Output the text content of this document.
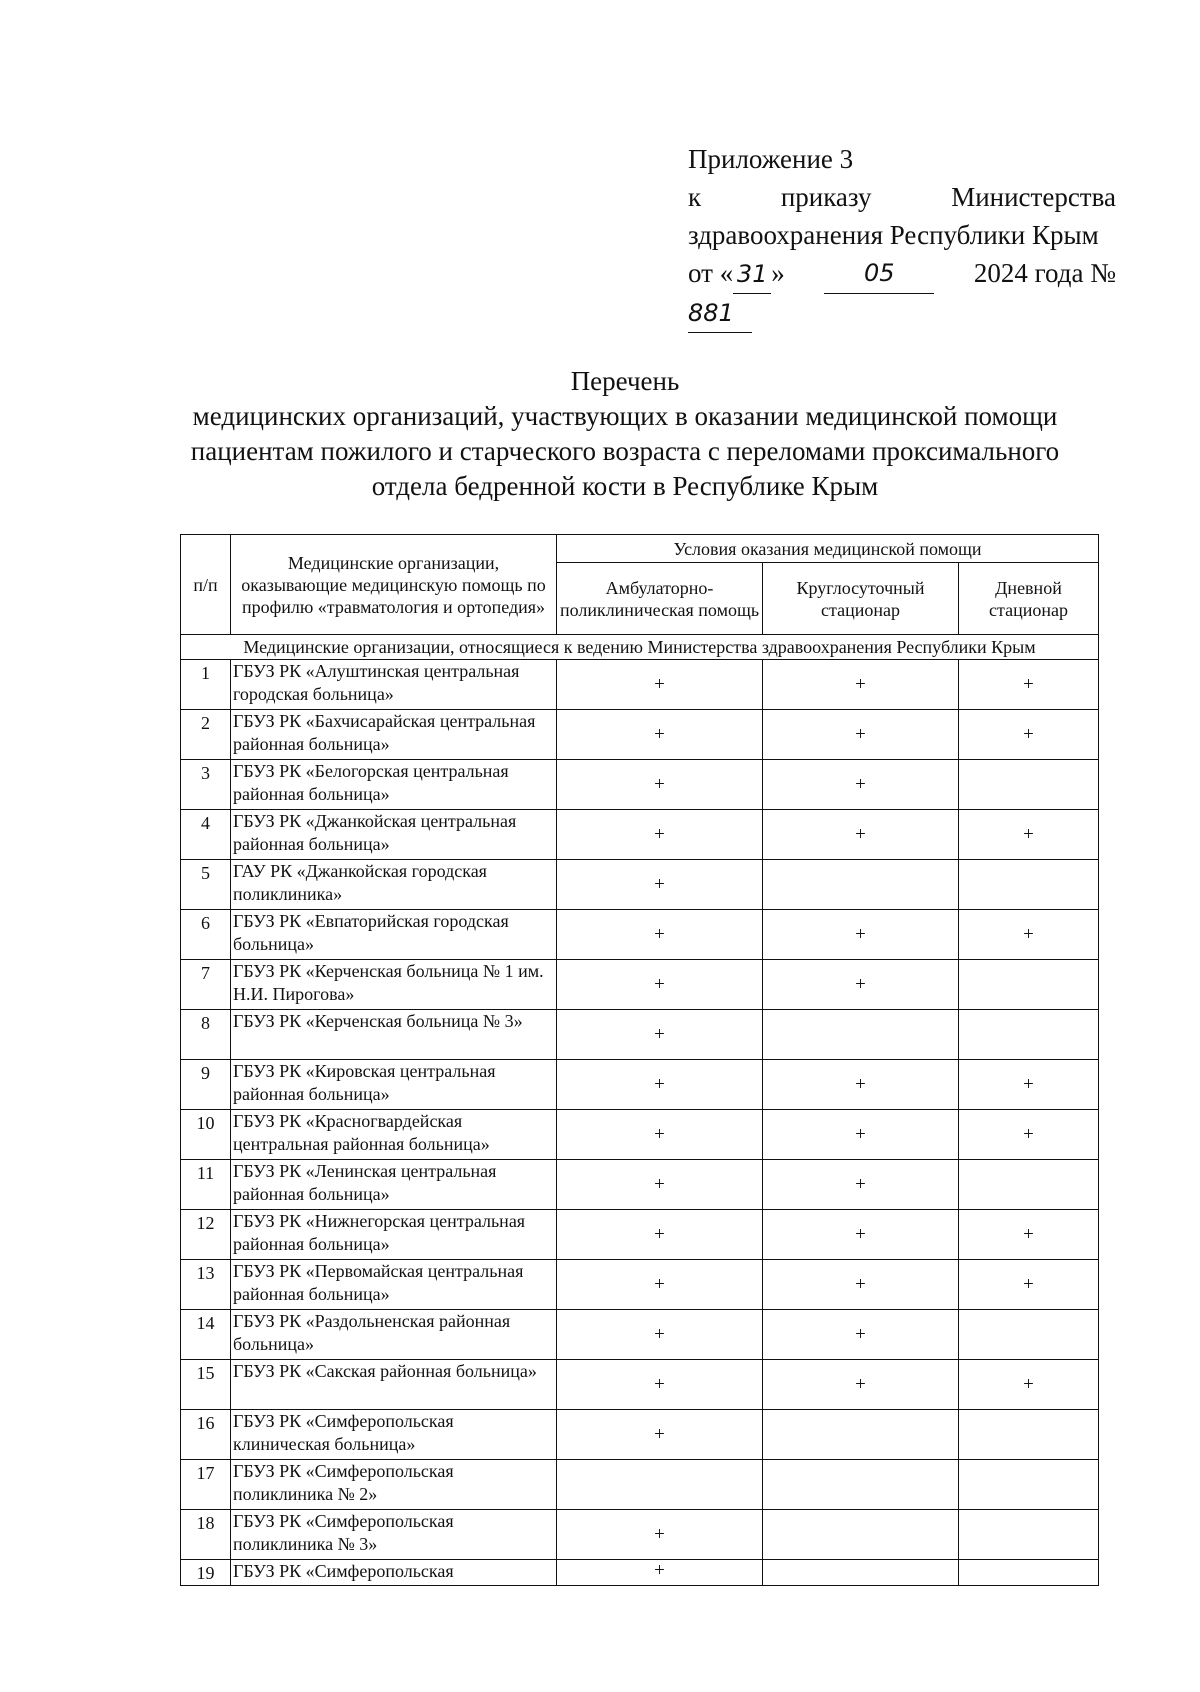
Приложение 3
к	приказу	Министерства
здравоохранения Республики Крым
от « 31 »	05	2024 года №
881
Перечень
медицинских организаций, участвующих в оказании медицинской помощи
пациентам пожилого и старческого возраста с переломами проксимального
отдела бедренной кости в Республике Крым
п/п	Медицинские организации, оказывающие медицинскую помощь по профилю «травматология и ортопедия»	Условия оказания медицинской помощи		
		Амбулаторно-поликлиническая помощь	Круглосуточный стационар	Дневной стационар
Медицинские организации, относящиеся к ведению Министерства здравоохранения Республики Крым				
1	ГБУЗ РК «Алуштинская центральная городская больница»	+	+	+
2	ГБУЗ РК «Бахчисарайская центральная районная больница»	+	+	+
3	ГБУЗ РК «Белогорская центральная районная больница»	+	+	
4	ГБУЗ РК «Джанкойская центральная районная больница»	+	+	+
5	ГАУ РК «Джанкойская городская поликлиника»	+		
6	ГБУЗ РК «Евпаторийская городская больница»	+	+	+
7	ГБУЗ РК «Керченская больница № 1 им. Н.И. Пирогова»	+	+	
8	ГБУЗ РК «Керченская больница № 3»	+		
9	ГБУЗ РК «Кировская центральная районная больница»	+	+	+
10	ГБУЗ РК «Красногвардейская центральная районная больница»	+	+	+
11	ГБУЗ РК «Ленинская центральная районная больница»	+	+	
12	ГБУЗ РК «Нижнегорская центральная районная больница»	+	+	+
13	ГБУЗ РК «Первомайская центральная районная больница»	+	+	+
14	ГБУЗ РК «Раздольненская районная больница»	+	+	
15	ГБУЗ РК «Сакская районная больница»	+	+	+
16	ГБУЗ РК «Симферопольская клиническая больница»	+		
17	ГБУЗ РК «Симферопольская поликлиника № 2»			
18	ГБУЗ РК «Симферопольская поликлиника № 3»	+		
19	ГБУЗ РК «Симферопольская	+		
